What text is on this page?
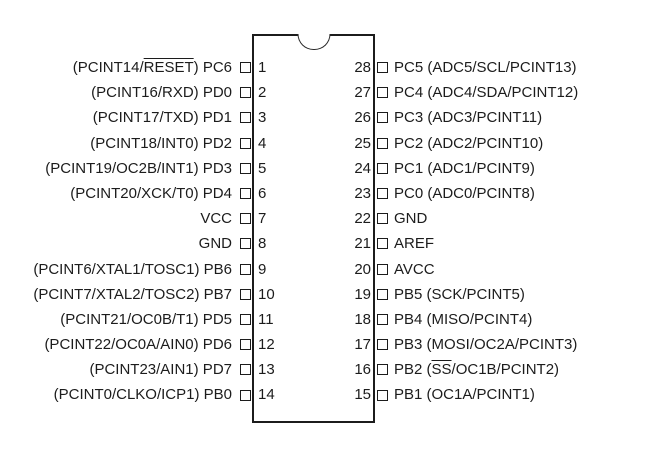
(PCINT14/RESET) PC6 1	28 PC5 (ADC5/SCL/PCINT13)
(PCINT16/RXD) PD0 2	27 PC4 (ADC4/SDA/PCINT12)
(PCINT17/TXD) PD1 3	26 PC3 (ADC3/PCINT11)
(PCINT18/INT0) PD2 4	25 PC2 (ADC2/PCINT10)
(PCINT19/OC2B/INT1) PD3 5	24 PC1 (ADC1/PCINT9)
(PCINT20/XCK/T0) PD4 6	23 PC0 (ADC0/PCINT8)
VCC 7	22 GND
GND 8	21 AREF
(PCINT6/XTAL1/TOSC1) PB6 9	20 AVCC
(PCINT7/XTAL2/TOSC2) PB7 10	19 PB5 (SCK/PCINT5)
(PCINT21/OC0B/T1) PD5 11	18 PB4 (MISO/PCINT4)
(PCINT22/OC0A/AIN0) PD6 12	17 PB3 (MOSI/OC2A/PCINT3)
(PCINT23/AIN1) PD7 13	16 PB2 $(\overline{SS}/OC1B/PCINT2)$
(PCINT0/CLKO/ICP1) PB0 14	15 PB1 (OC1A/PCINT1)
